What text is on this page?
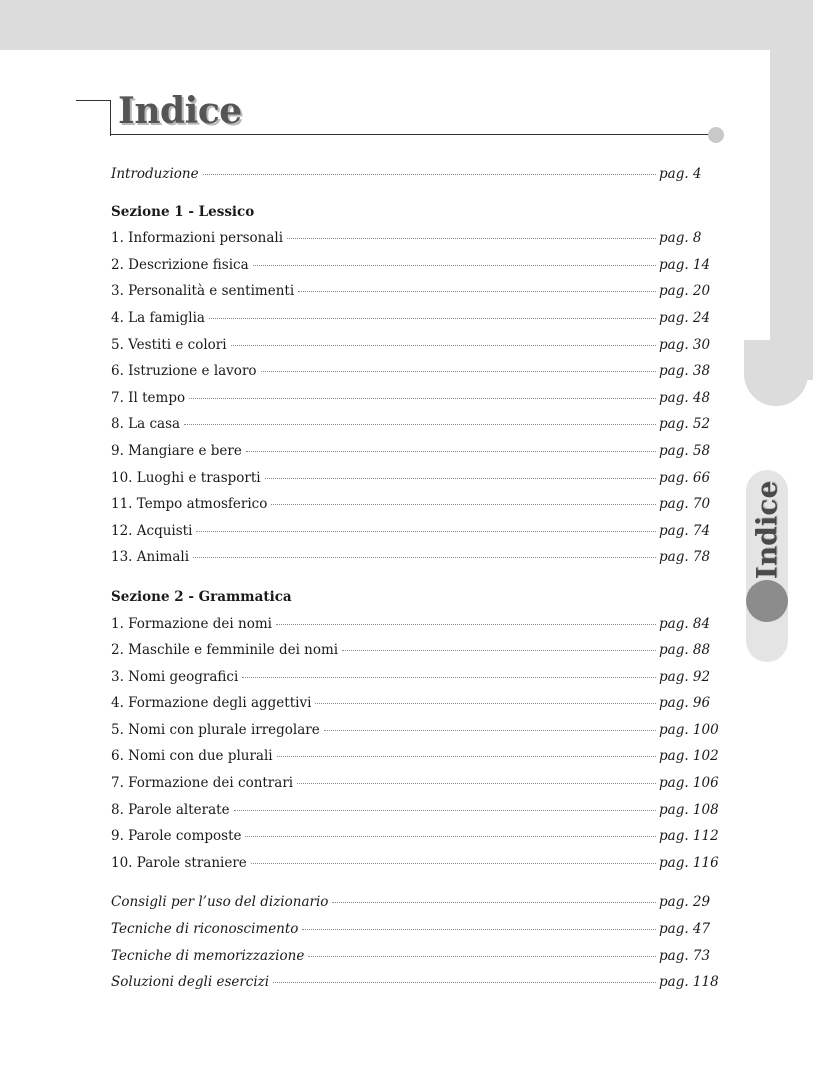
Indice
Indice
Introduzione	pag. 4
Sezione 1 - Lessico
1. Informazioni personali	pag. 8
2. Descrizione fisica	pag. 14
3. Personalità e sentimenti	pag. 20
4. La famiglia	pag. 24
5. Vestiti e colori	pag. 30
6. Istruzione e lavoro	pag. 38
7. Il tempo	pag. 48
8. La casa	pag. 52
9. Mangiare e bere	pag. 58
10. Luoghi e trasporti	pag. 66
11. Tempo atmosferico	pag. 70
12. Acquisti	pag. 74
13. Animali	pag. 78
Sezione 2 - Grammatica
1. Formazione dei nomi	pag. 84
2. Maschile e femminile dei nomi	pag. 88
3. Nomi geografici	pag. 92
4. Formazione degli aggettivi	pag. 96
5. Nomi con plurale irregolare	pag. 100
6. Nomi con due plurali	pag. 102
7. Formazione dei contrari	pag. 106
8. Parole alterate	pag. 108
9. Parole composte	pag. 112
10. Parole straniere	pag. 116
Consigli per l’uso del dizionario	pag. 29
Tecniche di riconoscimento	pag. 47
Tecniche di memorizzazione	pag. 73
Soluzioni degli esercizi	pag. 118
